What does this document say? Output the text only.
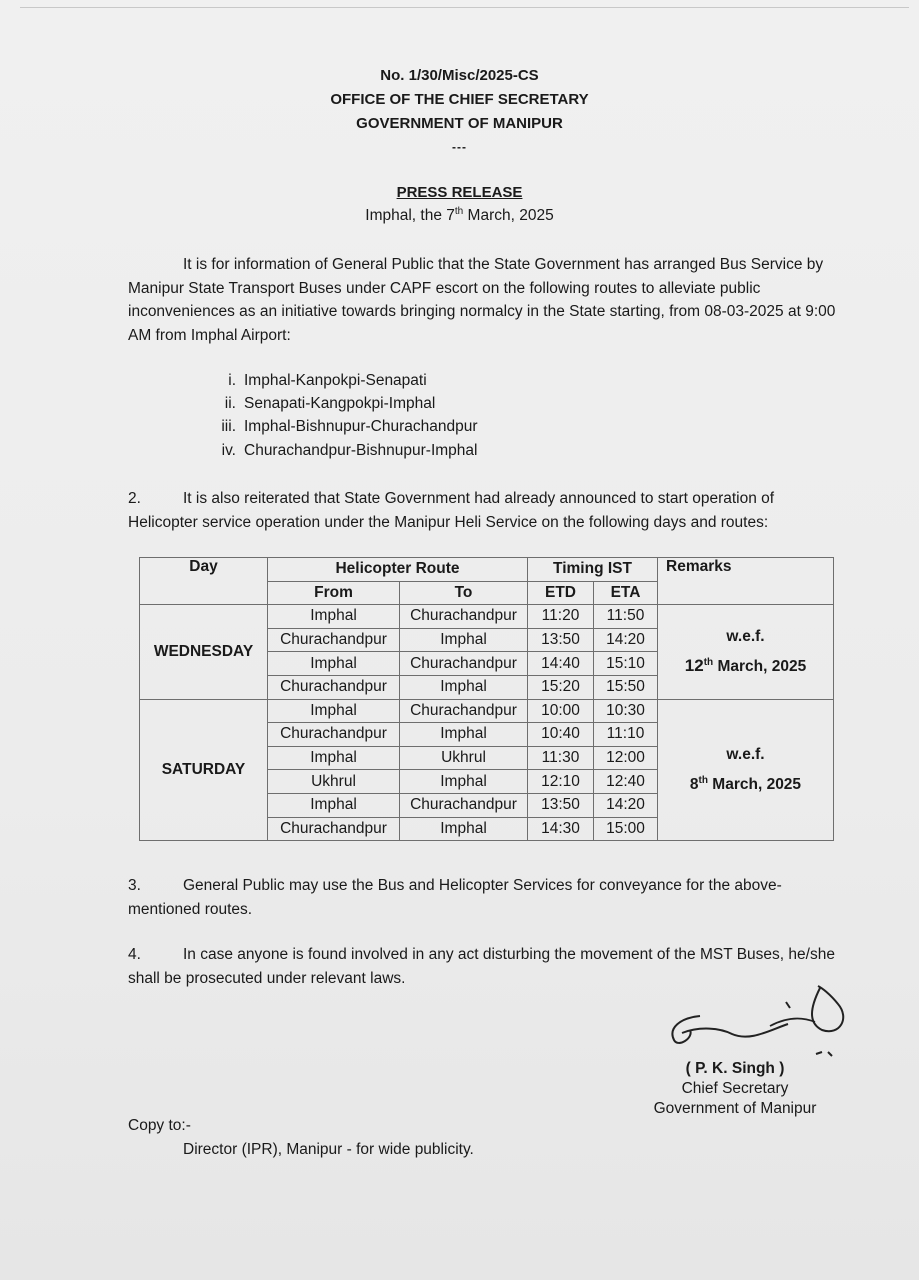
No. 1/30/Misc/2025-CS

OFFICE OF THE CHIEF SECRETARY

GOVERNMENT OF MANIPUR

---

PRESS RELEASE

Imphal, the 7th March, 2025

It is for information of General Public that the State Government has arranged Bus Service by Manipur State Transport Buses under CAPF escort on the following routes to alleviate public inconveniences as an initiative towards bringing normalcy in the State starting, from 08-03-2025 at 9:00 AM from Imphal Airport:

i. Imphal-Kanpokpi-Senapati
ii. Senapati-Kangpokpi-Imphal
iii. Imphal-Bishnupur-Churachandpur
iv. Churachandpur-Bishnupur-Imphal

2.	It is also reiterated that State Government had already announced to start operation of Helicopter service operation under the Manipur Heli Service on the following days and routes:

Day	Helicopter Route		Timing IST		Remarks
	From	To	ETD	ETA	
WEDNESDAY	Imphal	Churachandpur	11:20	11:50	w.e.f.
12th March, 2025

	Churachandpur	Imphal	13:50	14:20	
	Imphal	Churachandpur	14:40	15:10	
	Churachandpur	Imphal	15:20	15:50	
SATURDAY	Imphal	Churachandpur	10:00	10:30	w.e.f.
8th March, 2025

	Churachandpur	Imphal	10:40	11:10	
	Imphal	Ukhrul	11:30	12:00	
	Ukhrul	Imphal	12:10	12:40	
	Imphal	Churachandpur	13:50	14:20	
	Churachandpur	Imphal	14:30	15:00	

3.	General Public may use the Bus and Helicopter Services for conveyance for the above-mentioned routes.

4.	In case anyone is found involved in any act disturbing the movement of the MST Buses, he/she shall be prosecuted under relevant laws.

( P. K. Singh )
Chief Secretary
Government of Manipur
Copy to:-
Director (IPR), Manipur - for wide publicity.
